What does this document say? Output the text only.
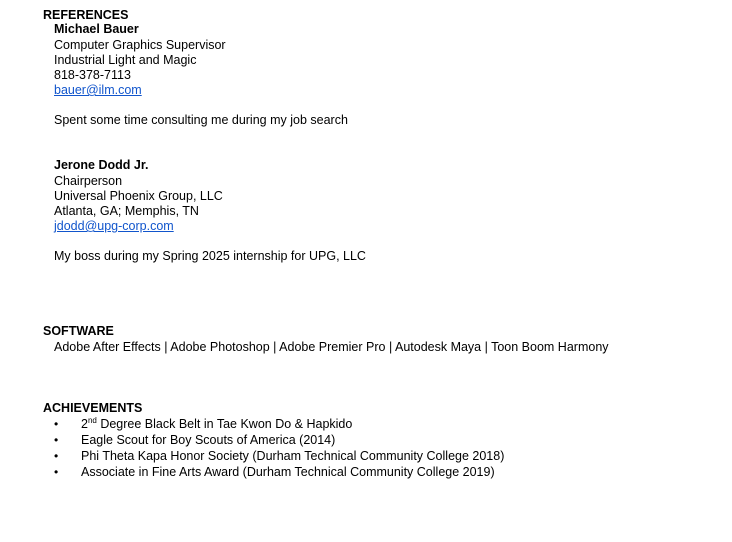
REFERENCES
Michael Bauer
Computer Graphics Supervisor
Industrial Light and Magic
818-378-7113
bauer@ilm.com
Spent some time consulting me during my job search
Jerone Dodd Jr.
Chairperson
Universal Phoenix Group, LLC
Atlanta, GA; Memphis, TN
jdodd@upg-corp.com
My boss during my Spring 2025 internship for UPG, LLC
SOFTWARE
Adobe After Effects | Adobe Photoshop | Adobe Premier Pro | Autodesk Maya | Toon Boom Harmony
ACHIEVEMENTS
•	2nd Degree Black Belt in Tae Kwon Do & Hapkido
•	Eagle Scout for Boy Scouts of America (2014)
•	Phi Theta Kapa Honor Society (Durham Technical Community College 2018)
•	Associate in Fine Arts Award (Durham Technical Community College 2019)
